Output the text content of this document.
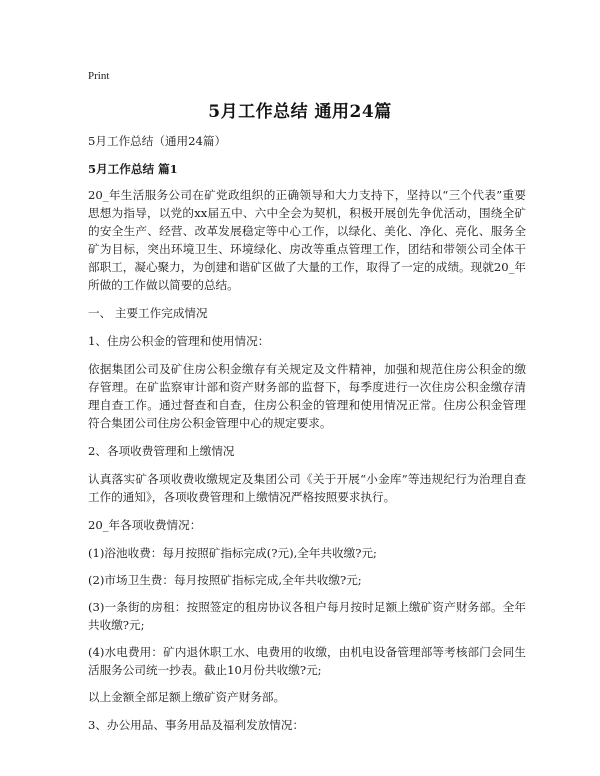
Print
5月工作总结 通用24篇

5月工作总结（通用24篇）

5月工作总结 篇1

20_年生活服务公司在矿党政组织的正确领导和大力支持下，坚持以“三个代表”重要思想为指导，以党的xx届五中、六中全会为契机，积极开展创先争优活动，围绕全矿的安全生产、经营、改革发展稳定等中心工作，以绿化、美化、净化、亮化、服务全矿为目标，突出环境卫生、环境绿化、房改等重点管理工作，团结和带领公司全体干部职工，凝心聚力，为创建和谐矿区做了大量的工作，取得了一定的成绩。现就20_年所做的工作做以简要的总结。

一、 主要工作完成情况

1、住房公积金的管理和使用情况：

依据集团公司及矿住房公积金缴存有关规定及文件精神，加强和规范住房公积金的缴存管理。在矿监察审计部和资产财务部的监督下，每季度进行一次住房公积金缴存清理自查工作。通过督查和自查，住房公积金的管理和使用情况正常。住房公积金管理符合集团公司住房公积金管理中心的规定要求。

2、各项收费管理和上缴情况

认真落实矿各项收费收缴规定及集团公司《关于开展“小金库”等违规纪行为治理自查工作的通知》，各项收费管理和上缴情况严格按照要求执行。

20_年各项收费情况：

(1)浴池收费：每月按照矿指标完成(?元),全年共收缴?元;

(2)市场卫生费：每月按照矿指标完成,全年共收缴?元;

(3)一条街的房租：按照签定的租房协议各租户每月按时足额上缴矿资产财务部。全年共收缴?元;

(4)水电费用：矿内退休职工水、电费用的收缴，由机电设备管理部等考核部门会同生活服务公司统一抄表。截止10月份共收缴?元;

以上金额全部足额上缴矿资产财务部。

3、办公用品、事务用品及福利发放情况：
